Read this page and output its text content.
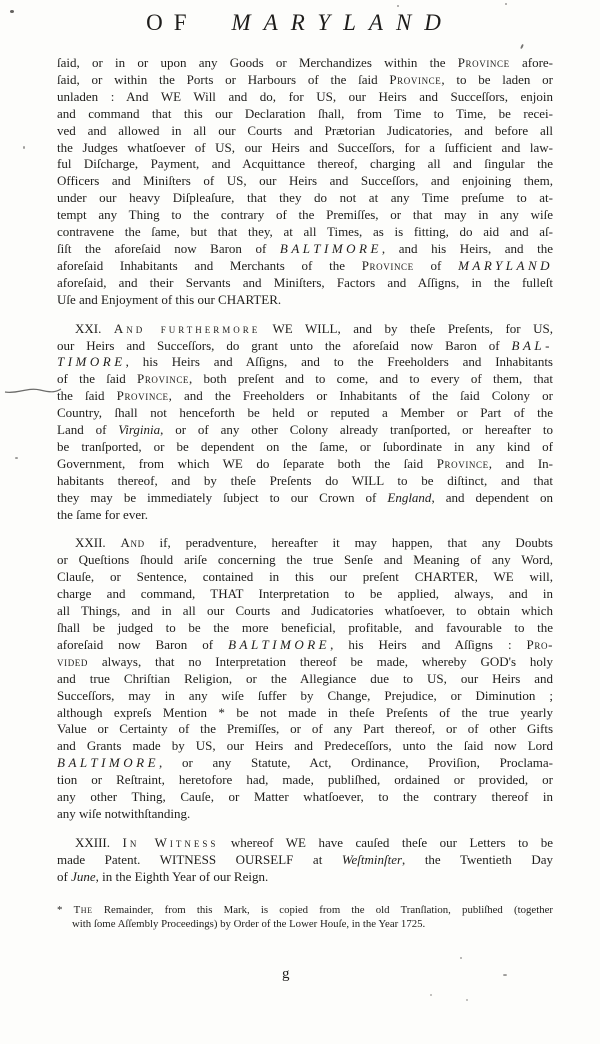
OF MARYLAND
ſaid, or in or upon any Goods or Merchandizes within the Province afore-
ſaid, or within the Ports or Harbours of the ſaid Province, to be laden or
unladen : And WE Will and do, for US, our Heirs and Succeſſors, enjoin
and command that this our Declaration ſhall, from Time to Time, be recei-
ved and allowed in all our Courts and Prætorian Judicatories, and before all
the Judges whatſoever of US, our Heirs and Succeſſors, for a ſufficient and law-
ful Diſcharge, Payment, and Acquittance thereof, charging all and ſingular the
Officers and Miniſters of US, our Heirs and Succeſſors, and enjoining them,
under our heavy Diſpleaſure, that they do not at any Time preſume to at-
tempt any Thing to the contrary of the Premiſſes, or that may in any wiſe
contravene the ſame, but that they, at all Times, as is fitting, do aid and aſ-
ſiſt the aforeſaid now Baron of BALTIMORE, and his Heirs, and the
aforeſaid Inhabitants and Merchants of the Province of MARYLAND
aforeſaid, and their Servants and Miniſters, Factors and Aſſigns, in the fulleſt
Uſe and Enjoyment of this our CHARTER.
XXI. And furthermore WE WILL, and by theſe Preſents, for US,
our Heirs and Succeſſors, do grant unto the aforeſaid now Baron of BAL-
TIMORE, his Heirs and Aſſigns, and to the Freeholders and Inhabitants
of the ſaid Province, both preſent and to come, and to every of them, that
the ſaid Province, and the Freeholders or Inhabitants of the ſaid Colony or
Country, ſhall not henceforth be held or reputed a Member or Part of the
Land of Virginia, or of any other Colony already tranſported, or hereafter to
be tranſported, or be dependent on the ſame, or ſubordinate in any kind of
Government, from which WE do ſeparate both the ſaid Province, and In-
habitants thereof, and by theſe Preſents do WILL to be diſtinct, and that
they may be immediately ſubject to our Crown of England, and dependent on
the ſame for ever.
XXII. And if, peradventure, hereafter it may happen, that any Doubts
or Queſtions ſhould ariſe concerning the true Senſe and Meaning of any Word,
Clauſe, or Sentence, contained in this our preſent CHARTER, WE will,
charge and command, THAT Interpretation to be applied, always, and in
all Things, and in all our Courts and Judicatories whatſoever, to obtain which
ſhall be judged to be the more beneficial, profitable, and favourable to the
aforeſaid now Baron of BALTIMORE, his Heirs and Aſſigns : Pro-
vided always, that no Interpretation thereof be made, whereby GOD's holy
and true Chriſtian Religion, or the Allegiance due to US, our Heirs and
Succeſſors, may in any wiſe ſuffer by Change, Prejudice, or Diminution ;
although expreſs Mention * be not made in theſe Preſents of the true yearly
Value or Certainty of the Premiſſes, or of any Part thereof, or of other Gifts
and Grants made by US, our Heirs and Predeceſſors, unto the ſaid now Lord
BALTIMORE, or any Statute, Act, Ordinance, Proviſion, Proclama-
tion or Reſtraint, heretofore had, made, publiſhed, ordained or provided, or
any other Thing, Cauſe, or Matter whatſoever, to the contrary thereof in
any wiſe notwithſtanding.
XXIII. In Witness whereof WE have cauſed theſe our Letters to be
made Patent. WITNESS OURSELF at Weſtminſter, the Twentieth Day
of June, in the Eighth Year of our Reign.
* The Remainder, from this Mark, is copied from the old Tranſlation, publiſhed (together
with ſome Aſſembly Proceedings) by Order of the Lower Houſe, in the Year 1725.
g
